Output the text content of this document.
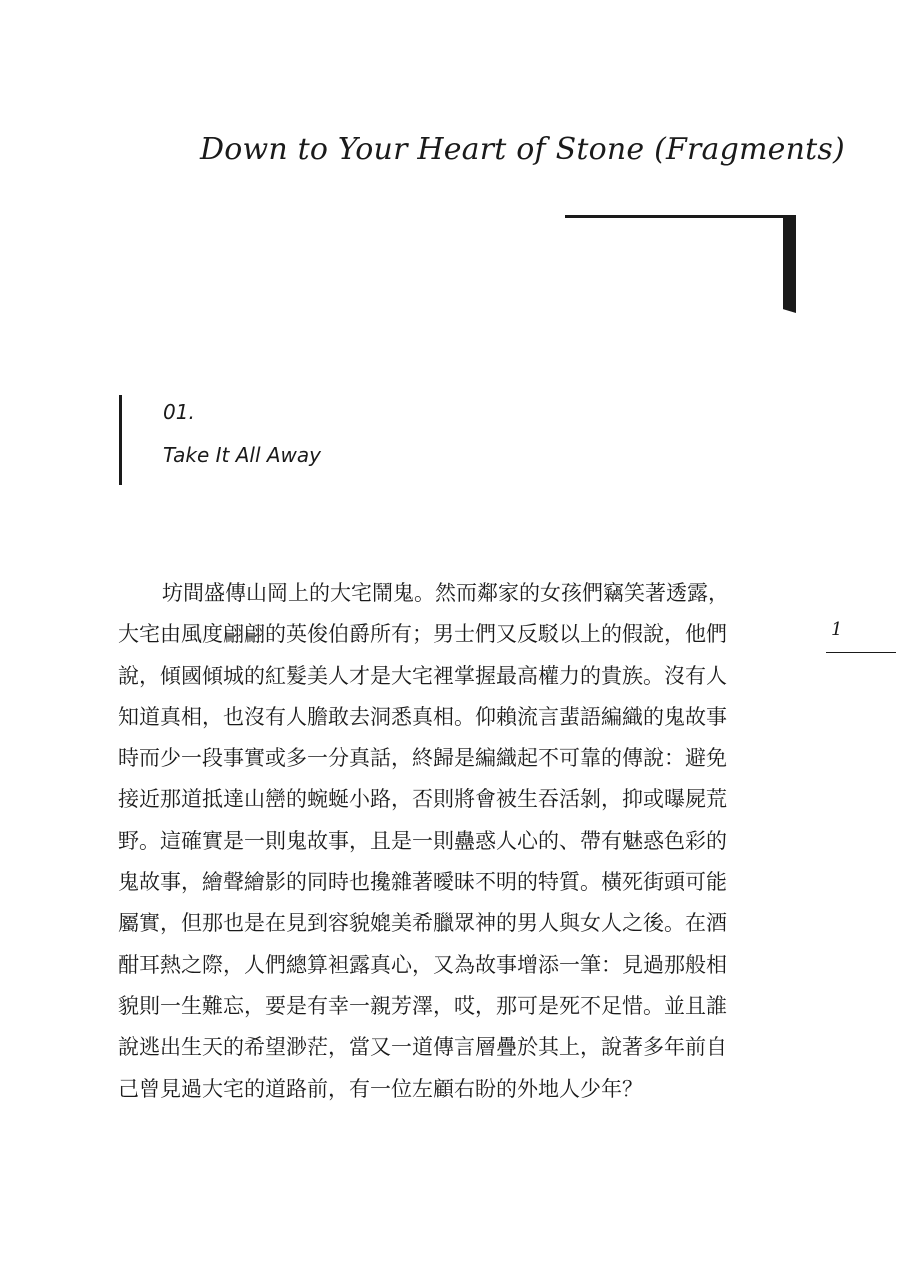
Down to Your Heart of Stone (Fragments)
01.
Take It All Away
1
坊間盛傳山岡上的大宅鬧鬼。然而鄰家的女孩們竊笑著透露，
大宅由風度翩翩的英俊伯爵所有；男士們又反駁以上的假說，他們
說，傾國傾城的紅髮美人才是大宅裡掌握最高權力的貴族。沒有人
知道真相，也沒有人膽敢去洞悉真相。仰賴流言蜚語編織的鬼故事
時而少一段事實或多一分真話，終歸是編織起不可靠的傳說：避免
接近那道抵達山巒的蜿蜒小路，否則將會被生吞活剝，抑或曝屍荒
野。這確實是一則鬼故事，且是一則蠱惑人心的、帶有魅惑色彩的
鬼故事，繪聲繪影的同時也攙雜著曖昧不明的特質。橫死街頭可能
屬實，但那也是在見到容貌媲美希臘眾神的男人與女人之後。在酒
酣耳熱之際，人們總算袒露真心，又為故事增添一筆：見過那般相
貌則一生難忘，要是有幸一親芳澤，哎，那可是死不足惜。並且誰
說逃出生天的希望渺茫，當又一道傳言層疊於其上，說著多年前自
己曾見過大宅的道路前，有一位左顧右盼的外地人少年？
